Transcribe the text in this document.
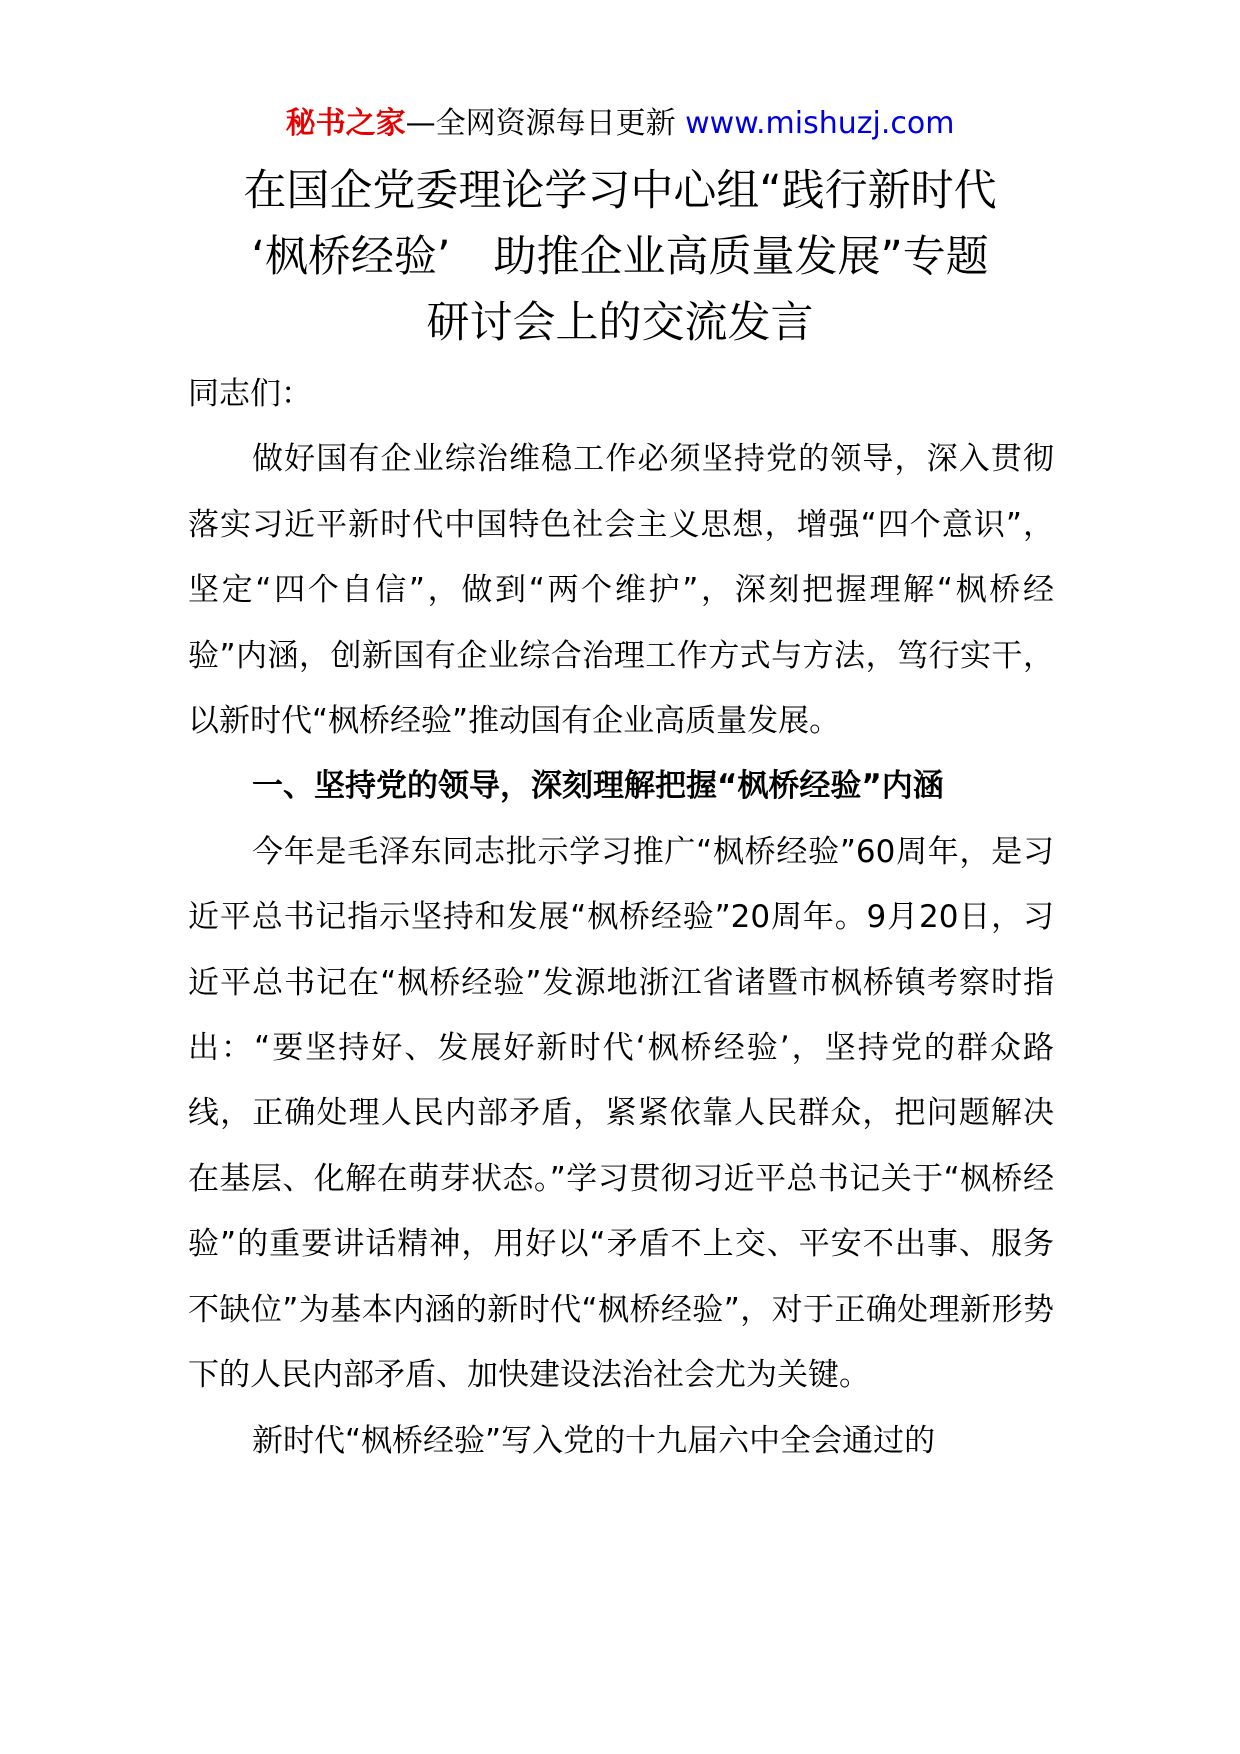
秘书之家—全网资源每日更新 www.mishuzj.com
在国企党委理论学习中心组“践行新时代
‘枫桥经验’　助推企业高质量发展”专题
研讨会上的交流发言

同志们：

做好国有企业综治维稳工作必须坚持党的领导，深入贯彻落实习近平新时代中国特色社会主义思想，增强“四个意识”，坚定“四个自信”，做到“两个维护”，深刻把握理解“枫桥经验”内涵，创新国有企业综合治理工作方式与方法，笃行实干，以新时代“枫桥经验”推动国有企业高质量发展。

一、坚持党的领导，深刻理解把握“枫桥经验”内涵

今年是毛泽东同志批示学习推广“枫桥经验”60周年，是习近平总书记指示坚持和发展“枫桥经验”20周年。9月20日，习近平总书记在“枫桥经验”发源地浙江省诸暨市枫桥镇考察时指出：“要坚持好、发展好新时代‘枫桥经验’，坚持党的群众路线，正确处理人民内部矛盾，紧紧依靠人民群众，把问题解决在基层、化解在萌芽状态。”学习贯彻习近平总书记关于“枫桥经验”的重要讲话精神，用好以“矛盾不上交、平安不出事、服务不缺位”为基本内涵的新时代“枫桥经验”，对于正确处理新形势下的人民内部矛盾、加快建设法治社会尤为关键。

新时代“枫桥经验”写入党的十九届六中全会通过的
